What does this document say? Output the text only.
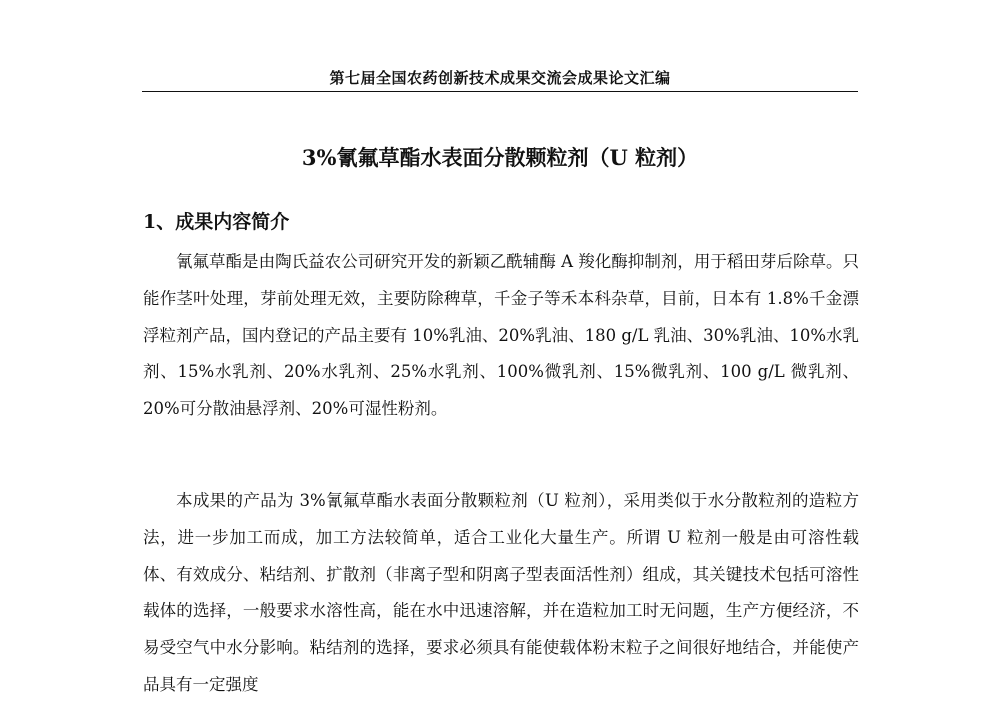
第七届全国农药创新技术成果交流会成果论文汇编
3%氰氟草酯水表面分散颗粒剂（U 粒剂）
1、成果内容简介

氰氟草酯是由陶氏益农公司研究开发的新颖乙酰辅酶 A 羧化酶抑制剂，用于稻田芽后除草。只能作茎叶处理，芽前处理无效，主要防除稗草，千金子等禾本科杂草，目前，日本有 1.8%千金漂浮粒剂产品，国内登记的产品主要有 10%乳油、20%乳油、180 g/L 乳油、30%乳油、10%水乳剂、15%水乳剂、20%水乳剂、25%水乳剂、100%微乳剂、15%微乳剂、100 g/L 微乳剂、20%可分散油悬浮剂、20%可湿性粉剂。

本成果的产品为 3%氰氟草酯水表面分散颗粒剂（U 粒剂），采用类似于水分散粒剂的造粒方法，进一步加工而成，加工方法较简单，适合工业化大量生产。所谓 U 粒剂一般是由可溶性载体、有效成分、粘结剂、扩散剂（非离子型和阴离子型表面活性剂）组成，其关键技术包括可溶性载体的选择，一般要求水溶性高，能在水中迅速溶解，并在造粒加工时无问题，生产方便经济，不易受空气中水分影响。粘结剂的选择，要求必须具有能使载体粉末粒子之间很好地结合，并能使产品具有一定强度
